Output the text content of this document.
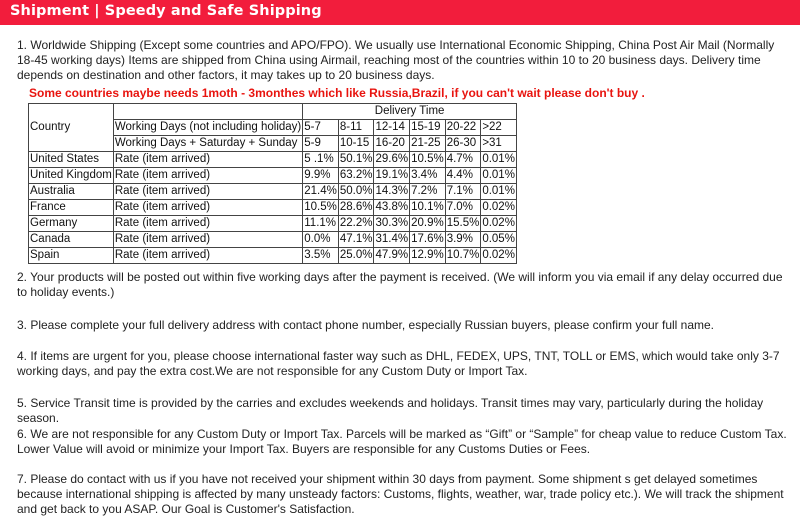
Shipment | Speedy and Safe Shipping
1. Worldwide Shipping (Except some countries and APO/FPO). We usually use International Economic Shipping, China Post Air Mail (Normally 18-45 working days) Items are shipped from China using Airmail, reaching most of the countries within 10 to 20 business days. Delivery time depends on destination and other factors, it may takes up to 20 business days.
Some countries maybe needs 1moth - 3monthes which like Russia,Brazil, if you can't wait please don't buy .
Country		Delivery Time					
	Working Days (not including holiday)	5-7	8-11	12-14	15-19	20-22	>22
	Working Days + Saturday + Sunday	5-9	10-15	16-20	21-25	26-30	>31
United States	Rate (item arrived)	5 .1%	50.1%	29.6%	10.5%	4.7%	0.01%
United Kingdom	Rate (item arrived)	9.9%	63.2%	19.1%	3.4%	4.4%	0.01%
Australia	Rate (item arrived)	21.4%	50.0%	14.3%	7.2%	7.1%	0.01%
France	Rate (item arrived)	10.5%	28.6%	43.8%	10.1%	7.0%	0.02%
Germany	Rate (item arrived)	11.1%	22.2%	30.3%	20.9%	15.5%	0.02%
Canada	Rate (item arrived)	0.0%	47.1%	31.4%	17.6%	3.9%	0.05%
Spain	Rate (item arrived)	3.5%	25.0%	47.9%	12.9%	10.7%	0.02%
2. Your products will be posted out within five working days after the payment is received. (We will inform you via email if any delay occurred due to holiday events.)
3. Please complete your full delivery address with contact phone number, especially Russian buyers, please confirm your full name.
4. If items are urgent for you, please choose international faster way such as DHL, FEDEX, UPS, TNT, TOLL or EMS, which would take only 3-7 working days, and pay the extra cost.We are not responsible for any Custom Duty or Import Tax.
5. Service Transit time is provided by the carries and excludes weekends and holidays. Transit times may vary, particularly during the holiday season.
6. We are not responsible for any Custom Duty or Import Tax. Parcels will be marked as “Gift” or “Sample” for cheap value to reduce Custom Tax. Lower Value will avoid or minimize your Import Tax. Buyers are responsible for any Customs Duties or Fees.
7. Please do contact with us if you have not received your shipment within 30 days from payment. Some shipment s get delayed sometimes because international shipping is affected by many unsteady factors: Customs, flights, weather, war, trade policy etc.). We will track the shipment and get back to you ASAP. Our Goal is Customer's Satisfaction.
